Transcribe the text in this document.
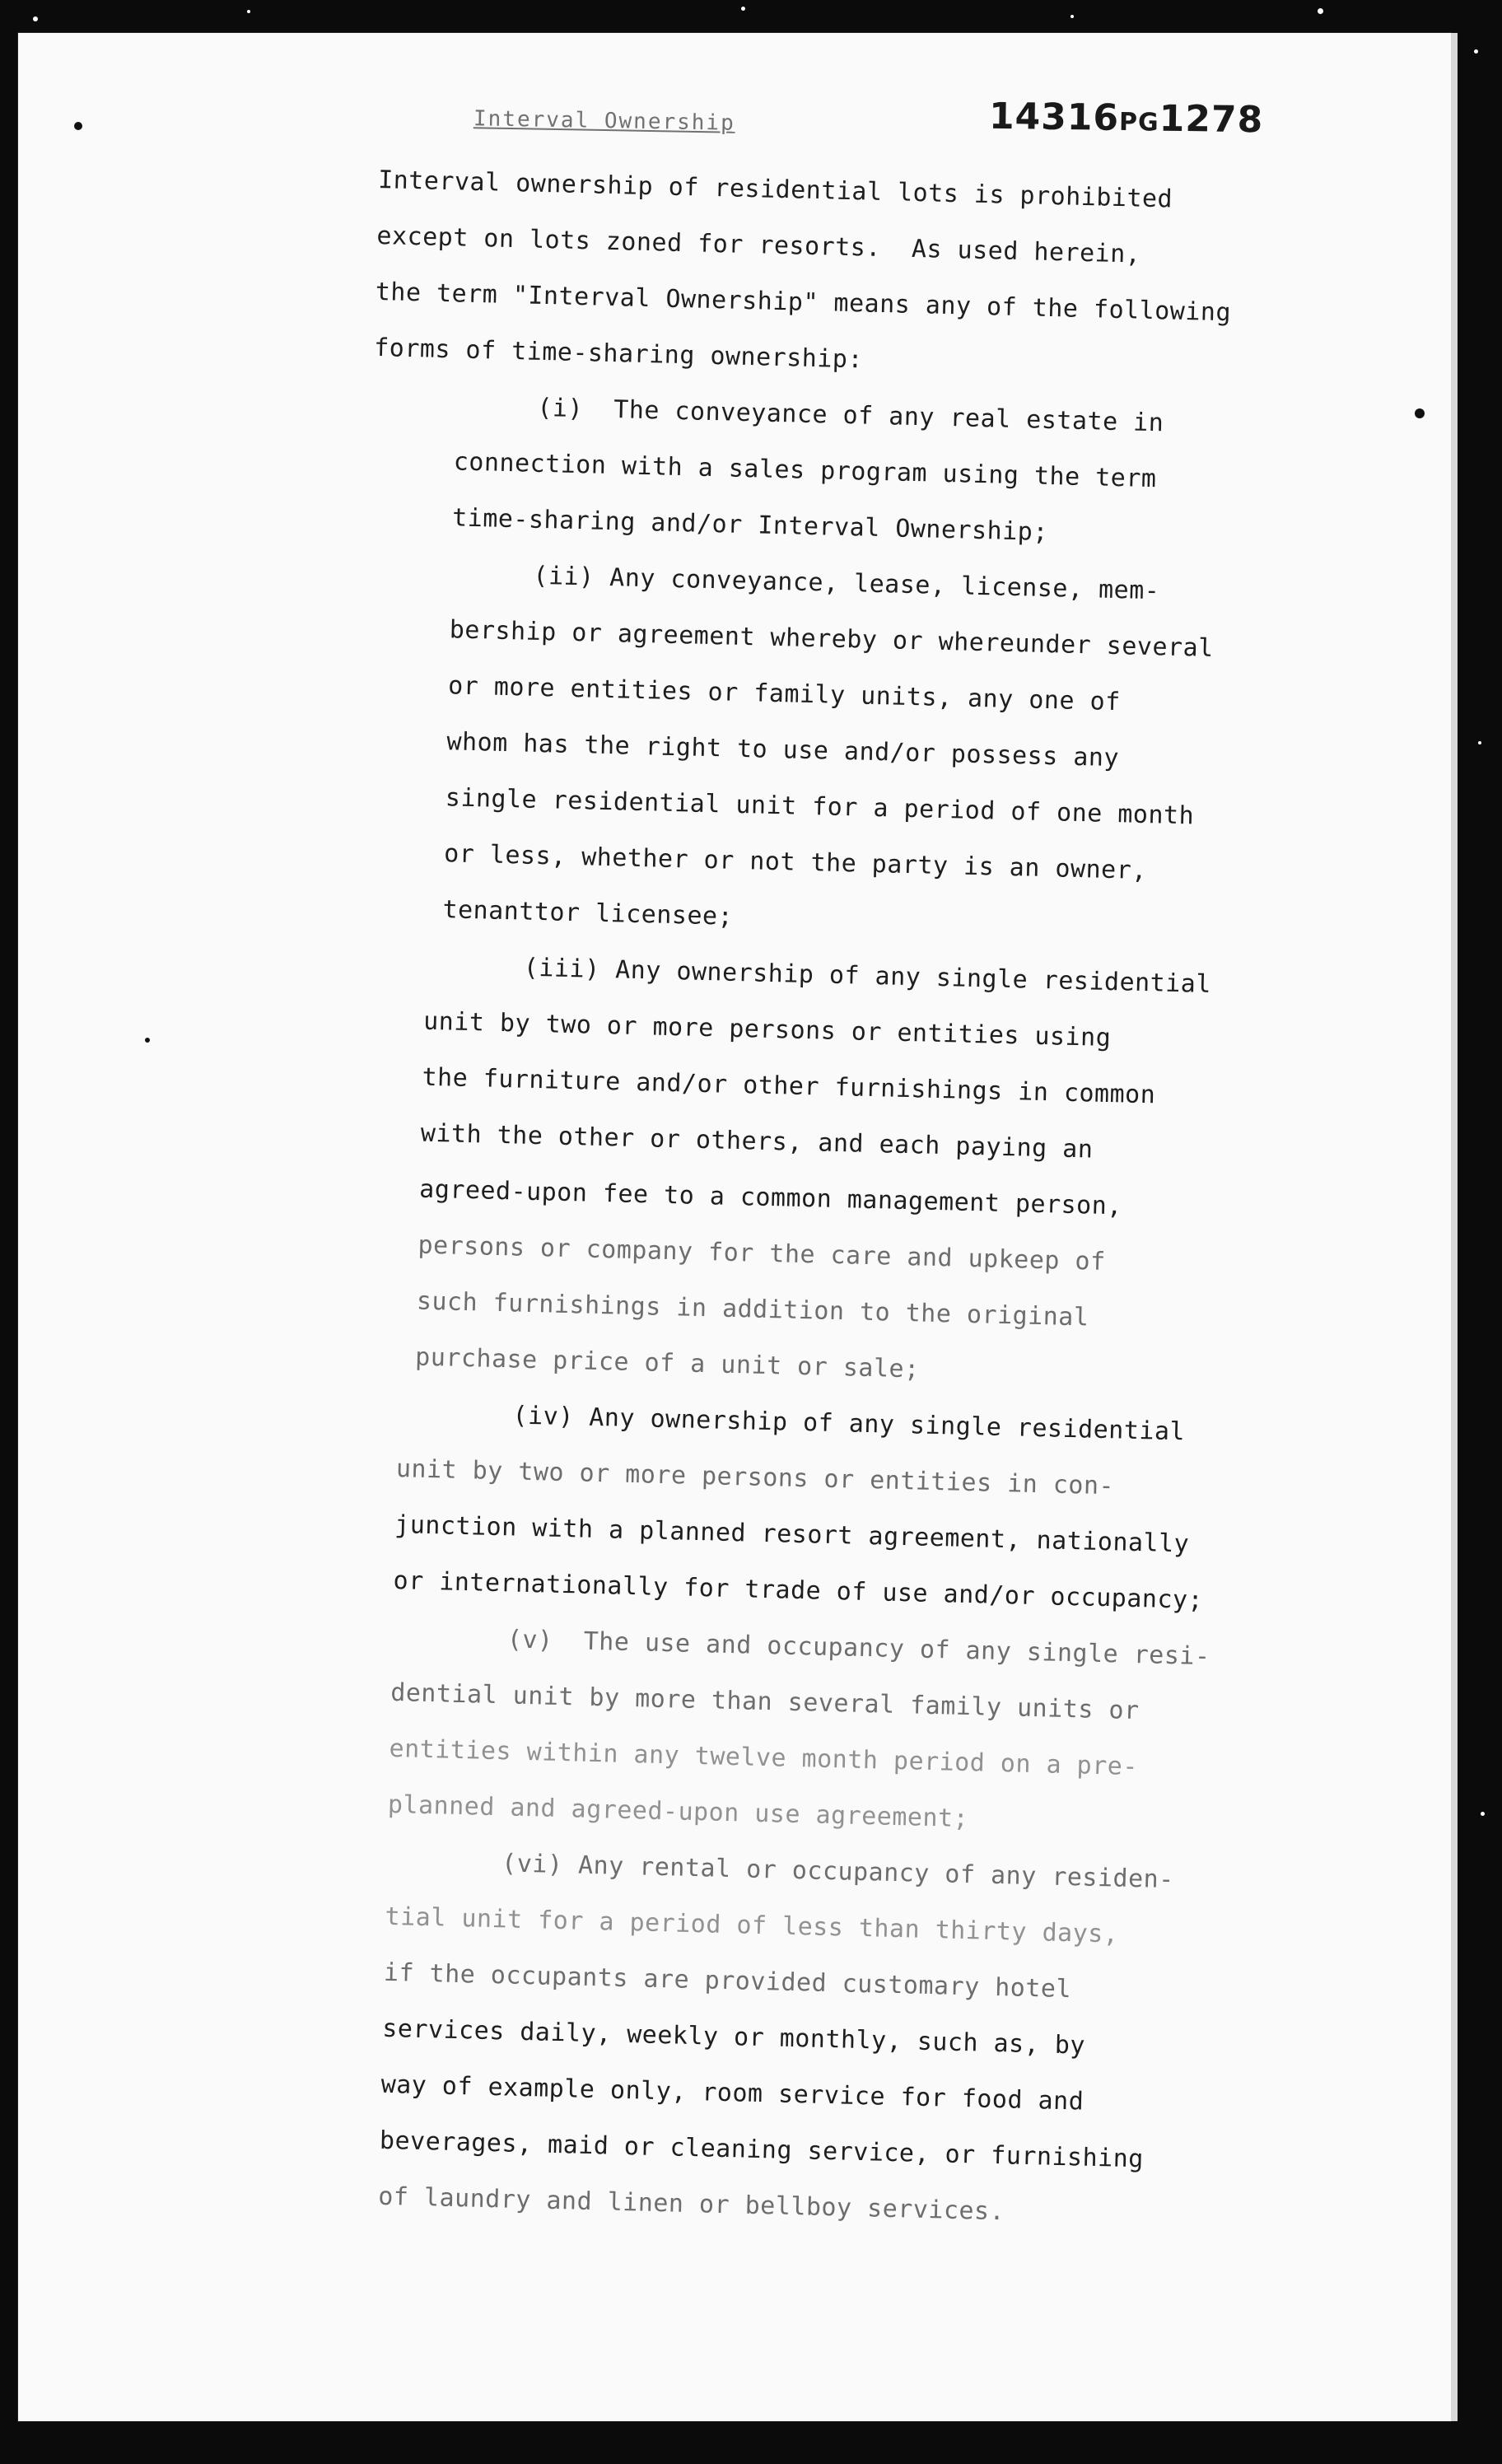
14316PG1278
Interval Ownership
Interval ownership of residential lots is prohibited
except on lots zoned for resorts.  As used herein,
the term "Interval Ownership" means any of the following
forms of time-sharing ownership:
(i)  The conveyance of any real estate in
connection with a sales program using the term
time-sharing and/or Interval Ownership;
(ii) Any conveyance, lease, license, mem-
bership or agreement whereby or whereunder several
or more entities or family units, any one of
whom has the right to use and/or possess any
single residential unit for a period of one month
or less, whether or not the party is an owner,
tenanttor licensee;
(iii) Any ownership of any single residential
unit by two or more persons or entities using
the furniture and/or other furnishings in common
with the other or others, and each paying an
agreed-upon fee to a common management person,
persons or company for the care and upkeep of
such furnishings in addition to the original
purchase price of a unit or sale;
(iv) Any ownership of any single residential
unit by two or more persons or entities in con-
junction with a planned resort agreement, nationally
or internationally for trade of use and/or occupancy;
(v)  The use and occupancy of any single resi-
dential unit by more than several family units or
entities within any twelve month period on a pre-
planned and agreed-upon use agreement;
(vi) Any rental or occupancy of any residen-
tial unit for a period of less than thirty days,
if the occupants are provided customary hotel
services daily, weekly or monthly, such as, by
way of example only, room service for food and
beverages, maid or cleaning service, or furnishing
of laundry and linen or bellboy services.
